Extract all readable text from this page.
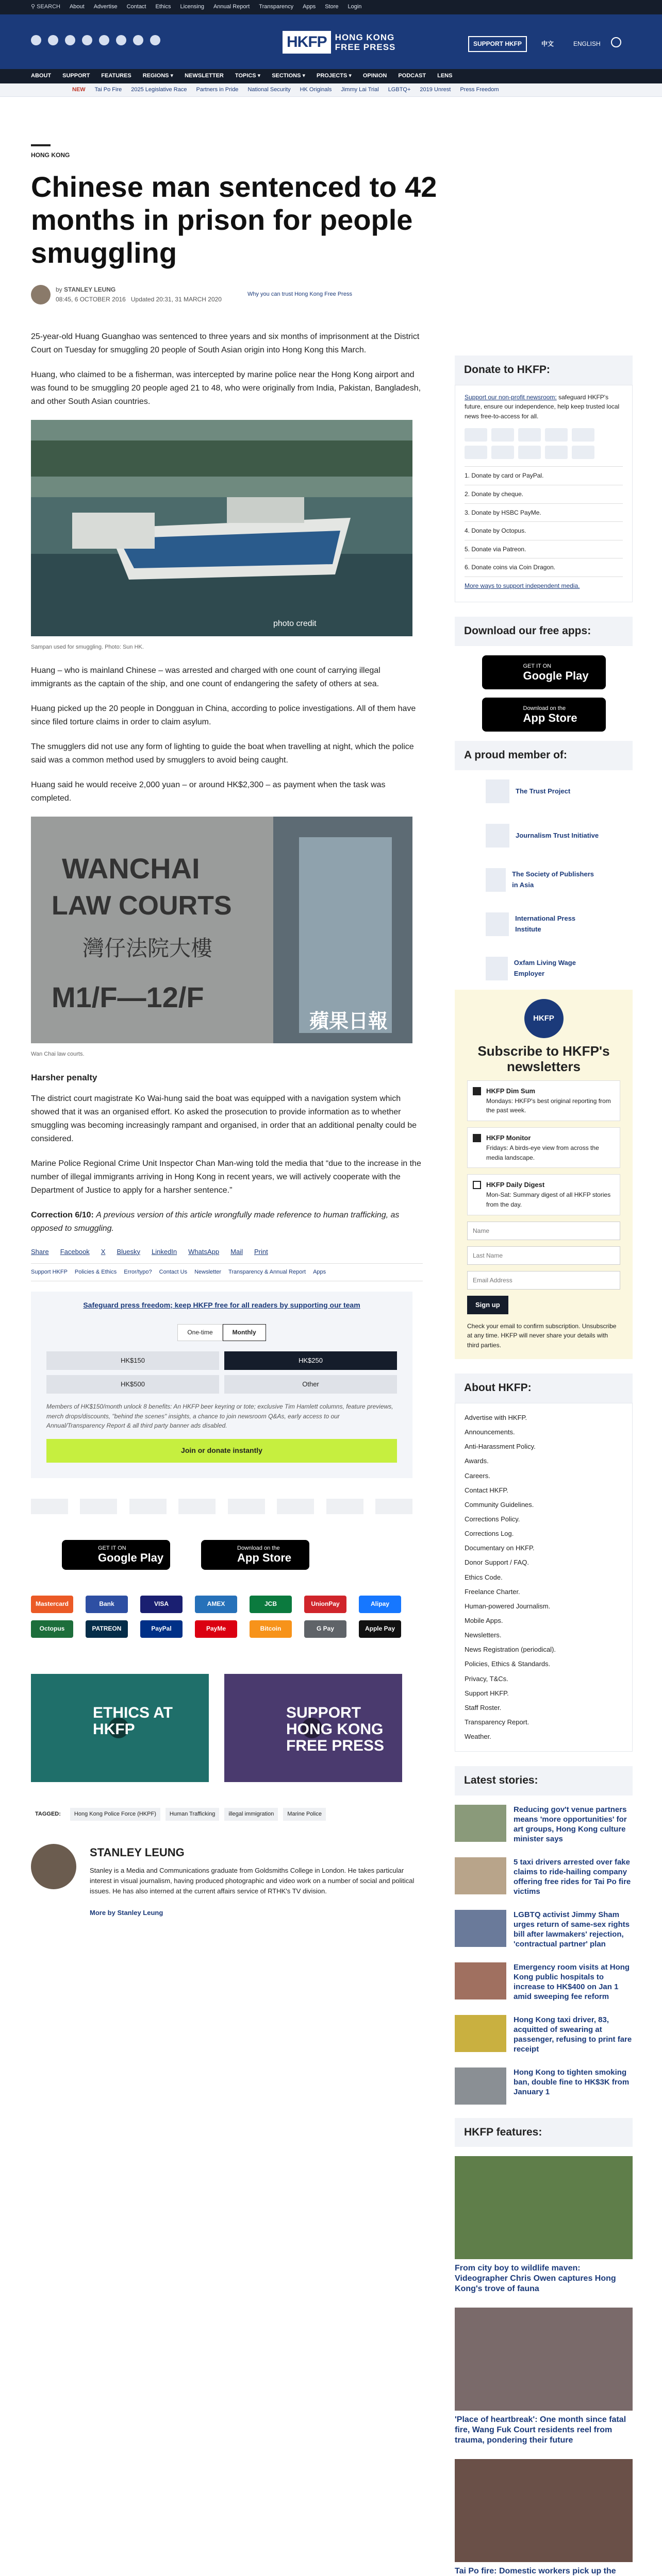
⚲ SEARCH About Advertise Contact Ethics Licensing Annual Report Transparency Apps Store Login
HKFP HONG KONG
FREE PRESS	SUPPORT HKFP	中文	ENGLISH
ABOUT SUPPORT FEATURES REGIONS ▾ NEWSLETTER TOPICS ▾ SECTIONS ▾ PROJECTS ▾ OPINION PODCAST LENS
NEW Tai Po Fire 2025 Legislative Race Partners in Pride National Security HK Originals Jimmy Lai Trial LGBTQ+ 2019 Unrest Press Freedom
HONG KONG
Chinese man sentenced to 42 months in prison for people smuggling
by STANLEY LEUNG
08:45, 6 OCTOBER 2016 Updated 20:31, 31 MARCH 2020
Why you can trust Hong Kong Free Press

25-year-old Huang Guanghao was sentenced to three years and six months of imprisonment at the District Court on Tuesday for smuggling 20 people of South Asian origin into Hong Kong this March.

Huang, who claimed to be a fisherman, was intercepted by marine police near the Hong Kong airport and was found to be smuggling 20 people aged 21 to 48, who were originally from India, Pakistan, Bangladesh, and other South Asian countries.

photo credit
Sampan used for smuggling. Photo: Sun HK.

Huang – who is mainland Chinese – was arrested and charged with one count of carrying illegal immigrants as the captain of the ship, and one count of endangering the safety of others at sea.

Huang picked up the 20 people in Dongguan in China, according to police investigations. All of them have since filed torture claims in order to claim asylum.

The smugglers did not use any form of lighting to guide the boat when travelling at night, which the police said was a common method used by smugglers to avoid being caught.

Huang said he would receive 2,000 yuan – or around HK$2,300 – as payment when the task was completed.

WANCHAI
LAW COURTS
灣仔法院大樓
M1/F—12/F
蘋果日報
Wan Chai law courts.
Harsher penalty

The district court magistrate Ko Wai-hung said the boat was equipped with a navigation system which showed that it was an organised effort. Ko asked the prosecution to provide information as to whether smuggling was becoming increasingly rampant and organised, in order that an additional penalty could be considered.

Marine Police Regional Crime Unit Inspector Chan Man-wing told the media that “due to the increase in the number of illegal immigrants arriving in Hong Kong in recent years, we will actively cooperate with the Department of Justice to apply for a harsher sentence.”

Correction 6/10: A previous version of this article wrongfully made reference to human trafficking, as opposed to smuggling.

Share Facebook X Bluesky LinkedIn WhatsApp Mail Print
Support HKFP Policies & Ethics Error/typo? Contact Us Newsletter Transparency & Annual Report Apps
Safeguard press freedom; keep HKFP free for all readers by supporting our team
One-time	Monthly
HK$150	HK$250
HK$500	Other
Members of HK$150/month unlock 8 benefits: An HKFP beer keyring or tote; exclusive Tim Hamlett columns, feature previews, merch drops/discounts, "behind the scenes" insights, a chance to join newsroom Q&As, early access to our Annual/Transparency Report & all third party banner ads disabled.
Join or donate instantly
GET IT ON
Google Play
Download on the
App Store
Mastercard	Bank	VISA	AMEX	JCB	UnionPay	Alipay
Octopus	PATREON	PayPal	PayMe	Bitcoin	G Pay	Apple Pay
ETHICS AT HKFP
SUPPORT HONG KONG FREE PRESS
TAGGED:	Hong Kong Police Force (HKPF)	Human Trafficking	illegal immigration	Marine Police
STANLEY LEUNG

Stanley is a Media and Communications graduate from Goldsmiths College in London. He takes particular interest in visual journalism, having produced photographic and video work on a number of social and political issues. He has also interned at the current affairs service of RTHK's TV division.

More by Stanley Leung
Donate to HKFP:

Support our non-profit newsroom: safeguard HKFP's future, ensure our independence, help keep trusted local news free-to-access for all.

1. Donate by card or PayPal.
2. Donate by cheque.
3. Donate by HSBC PayMe.
4. Donate by Octopus.
5. Donate via Patreon.
6. Donate coins via Coin Dragon.
More ways to support independent media.
Download our free apps:
GET IT ON
Google Play
Download on the
App Store
A proud member of:
The Trust Project
Journalism Trust Initiative
The Society of Publishers in Asia
International Press Institute
Oxfam Living Wage Employer
HKFP
Subscribe to HKFP's newsletters
HKFP Dim Sum
Mondays: HKFP's best original reporting from the past week.
HKFP Monitor
Fridays: A birds-eye view from across the media landscape.
HKFP Daily Digest
Mon-Sat: Summary digest of all HKFP stories from the day.
Name
Last Name
Email Address
Sign up
Check your email to confirm subscription. Unsubscribe at any time. HKFP will never share your details with third parties.
About HKFP:
Advertise with HKFP.
Announcements.
Anti-Harassment Policy.
Awards.
Careers.
Contact HKFP.
Community Guidelines.
Corrections Policy.
Corrections Log.
Documentary on HKFP.
Donor Support / FAQ.
Ethics Code.
Freelance Charter.
Human-powered Journalism.
Mobile Apps.
Newsletters.
News Registration (periodical).
Policies, Ethics & Standards.
Privacy, T&Cs.
Support HKFP.
Staff Roster.
Transparency Report.
Weather.
Latest stories:
Reducing gov't venue partners means 'more opportunities' for art groups, Hong Kong culture minister says
5 taxi drivers arrested over fake claims to ride-hailing company offering free rides for Tai Po fire victims
LGBTQ activist Jimmy Sham urges return of same-sex rights bill after lawmakers' rejection, 'contractual partner' plan
Emergency room visits at Hong Kong public hospitals to increase to HK$400 on Jan 1 amid sweeping fee reform
Hong Kong taxi driver, 83, acquitted of swearing at passenger, refusing to print fare receipt
Hong Kong to tighten smoking ban, double fine to HK$3K from January 1
HKFP features:
From city boy to wildlife maven: Videographer Chris Owen captures Hong Kong's trove of fauna
'Place of heartbreak': One month since fatal fire, Wang Fuk Court residents reel from trauma, pondering their future
Tai Po fire: Domestic workers pick up the
